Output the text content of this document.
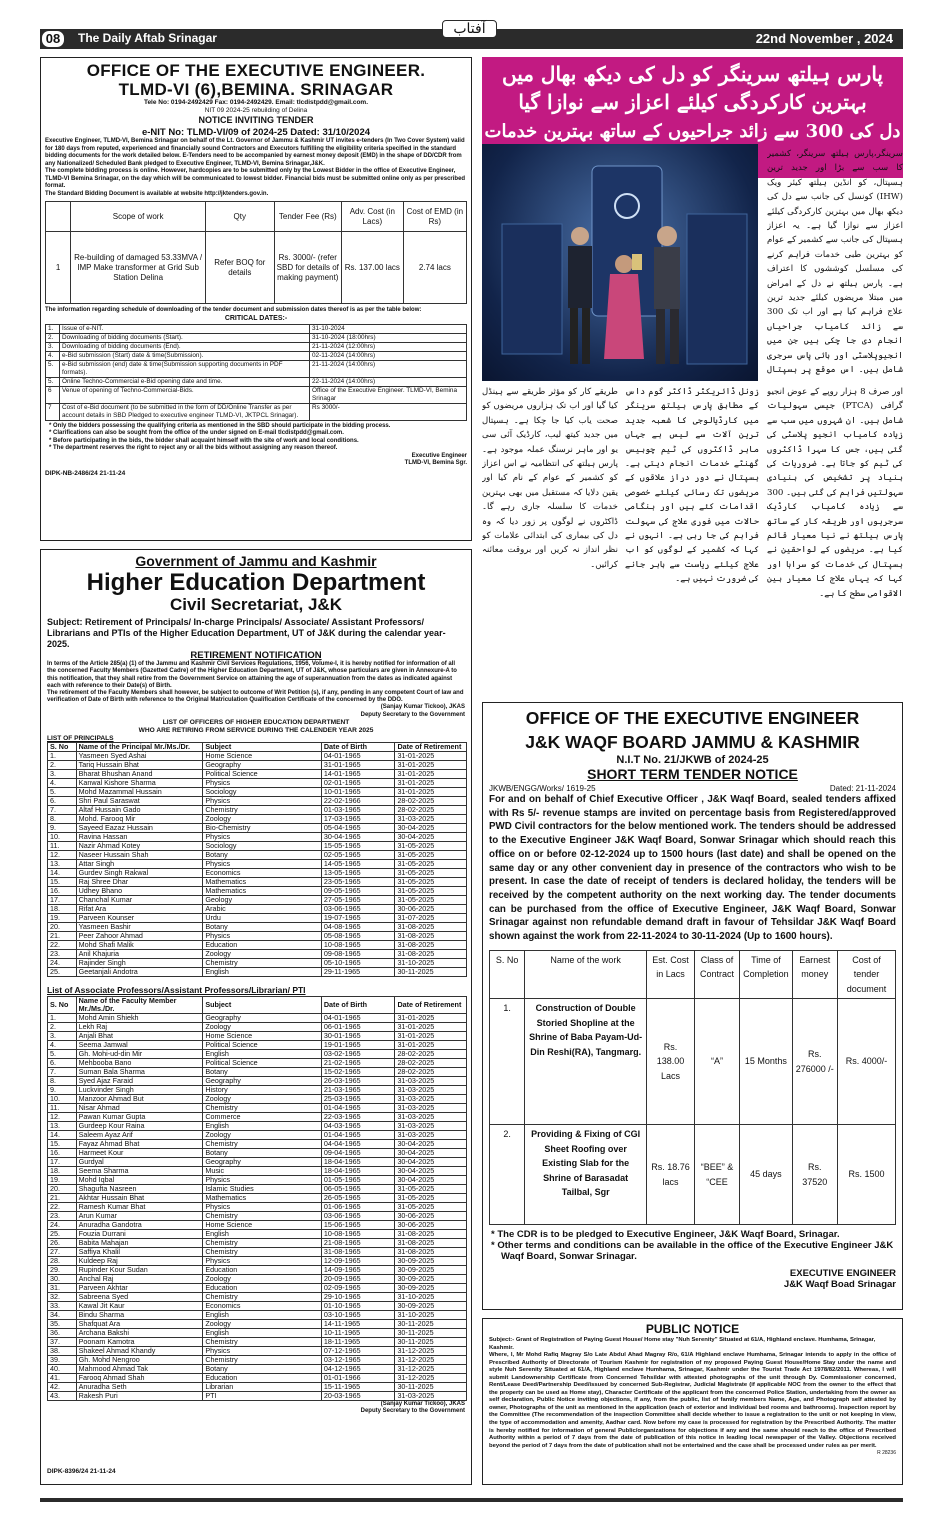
08	The Daily Aftab Srinagar	22nd November , 2024
آفتاب
OFFICE OF THE EXECUTIVE ENGINEER.
TLMD-VI (6),BEMINA. SRINAGAR
Tele No: 0194-2492429 Fax: 0194-2492429. Email: tlcdistpdd@gmail.com.
NIT 09 2024-25 rebuilding of Delina
NOTICE INVITING TENDER
e-NIT No: TLMD-VI/09 of 2024-25 Dated: 31/10/2024
Executive Engineer, TLMD-VI, Bemina Srinagar on behalf of the Lt. Governor of Jammu & Kashmir UT invites e-tenders (In Two Cover System) valid for 180 days from reputed, experienced and financially sound Contractors and Executors fulfilling the eligibility criteria specified in the standard bidding documents for the work detailed below. E-Tenders need to be accompanied by earnest money deposit (EMD) in the shape of DD/CDR from any Nationalized/ Scheduled Bank pledged to Executive Engineer, TLMD-VI, Bemina Srinagar,J&K.
The complete bidding process is online. However, hardcopies are to be submitted only by the Lowest Bidder in the office of Executive Engineer, TLMD-VI Bemina Srinagar, on the day which will be communicated to lowest bidder. Financial bids must be submitted online only as per prescribed format.
The Standard Bidding Document is available at website http://jktenders.gov.in.
	Scope of work	Qty	Tender Fee (Rs)	Adv. Cost (in Lacs)	Cost of EMD (in Rs)
1	Re-building of damaged 53.33MVA / IMP Make transformer at Grid Sub Station Delina	Refer BOQ for details	Rs. 3000/- (refer SBD for details of making payment)	Rs. 137.00 lacs	2.74 lacs
The information regarding schedule of downloading of the tender document and submission dates thereof is as per the table below:
CRITICAL DATES:-
1.	Issue of e-NIT.	31-10-2024
2.	Downloading of bidding documents (Start).	31-10-2024 (18:00hrs)
3.	Downloading of bidding documents (End).	21-11-2024 (12:00hrs)
4.	e-Bid submission (Start) date & time(Submission).	02-11-2024 (14:00hrs)
5.	e-Bid submission (end) date & time(Submission supporting documents in PDF formats).	21-11-2024 (14:00hrs)
5.	Online Techno-Commercial e-Bid opening date and time.	22-11-2024 (14:00hrs)
6	Venue of opening of Techno-Commercial-Bids.	Office of the Executive Engineer. TLMD-VI, Bemina Srinagar
7	Cost of e-Bid document (to be submitted in the form of DD/Online Transfer as per account details in SBD Pledged to executive engineer TLMD-VI, JKTPCL Srinagar).	Rs 3000/-
* Only the bidders possessing the qualifying criteria as mentioned in the SBD should participate in the bidding process.
* Clarifications can also be sought from the office of the under signed on E-mail tlcdistpdd@gmail.com.
* Before participating in the bids, the bidder shall acquaint himself with the site of work and local conditions.
* The department reserves the right to reject any or all the bids without assigning any reason thereof.
Executive Engineer
TLMD-VI, Bemina Sgr.
DIPK-NB-2486/24 21-11-24
Government of Jammu and Kashmir
Higher Education Department
Civil Secretariat, J&K
Subject: Retirement of Principals/ In-charge Principals/ Associate/ Assistant Professors/ Librarians and PTIs of the Higher Education Department, UT of J&K during the calendar year- 2025.
RETIREMENT NOTIFICATION
In terms of the Article 285(a) (1) of the Jammu and Kashmir Civil Services Regulations, 1956, Volume-I, it is hereby notified for information of all the concerned Faculty Members (Gazetted Cadre) of the Higher Education Department, UT of J&K, whose particulars are given in Annexure-A to this notification, that they shall retire from the Government Service on attaining the age of superannuation from the dates as indicated against each with reference to their Date(s) of Birth.
The retirement of the Faculty Members shall however, be subject to outcome of Writ Petition (s), if any, pending in any competent Court of law and verification of Date of Birth with reference to the Original Matriculation Qualification Certificate of the concerned by the DDO.
(Sanjay Kumar Tickoo), JKAS
Deputy Secretary to the Government
LIST OF OFFICERS OF HIGHER EDUCATION DEPARTMENT
WHO ARE RETIRING FROM SERVICE DURING THE CALENDER YEAR 2025
LIST OF PRINCIPALS
S. No	Name of the Principal Mr./Ms./Dr.	Subject	Date of Birth	Date of Retirement
1.	Yasmeen Syed Ashai	Home Science	04-01-1965	31-01-2025
2.	Tariq Hussain Bhat	Geography	31-01-1965	31-01-2025
3.	Bharat Bhushan Anand	Political Science	14-01-1965	31-01-2025
4.	Kanwal Kishore Sharma	Physics	02-01-1965	31-01-2025
5.	Mohd Mazammal Hussain	Sociology	10-01-1965	31-01-2025
6.	Shri Paul Saraswat	Physics	22-02-1966	28-02-2025
7.	Altaf Hussain Gado	Chemistry	01-03-1965	28-02-2025
8.	Mohd. Farooq Mir	Zoology	17-03-1965	31-03-2025
9.	Sayeed Eazaz Hussain	Bio-Chemistry	05-04-1965	30-04-2025
10.	Ravina Hassan	Physics	30-04-1965	30-04-2025
11.	Nazir Ahmad Kotey	Sociology	15-05-1965	31-05-2025
12.	Naseer Hussain Shah	Botany	02-05-1965	31-05-2025
13.	Attar Singh	Physics	14-05-1965	31-05-2025
14.	Gurdev Singh Rakwal	Economics	13-05-1965	31-05-2025
15.	Raj Shree Dhar	Mathematics	23-05-1965	31-05-2025
16.	Udhey Bhano	Mathematics	09-05-1965	31-05-2025
17.	Chanchal Kumar	Geology	27-05-1965	31-05-2025
18.	Rifat Ara	Arabic	03-06-1965	30-06-2025
19.	Parveen Kounser	Urdu	19-07-1965	31-07-2025
20.	Yasmeen Bashir	Botany	04-08-1965	31-08-2025
21.	Peer Zahoor Ahmad	Physics	05-08-1965	31-08-2025
22.	Mohd Shafi Malik	Education	10-08-1965	31-08-2025
23.	Anil Khajuria	Zoology	09-08-1965	31-08-2025
24.	Rajinder Singh	Chemistry	05-10-1965	31-10-2025
25.	Geetanjali Andotra	English	29-11-1965	30-11-2025
List of Associate Professors/Assistant Professors/Librarian/ PTI
S. No	Name of the Faculty Member Mr./Ms./Dr.	Subject	Date of Birth	Date of Retirement
1.	Mohd Amin Shiekh	Geography	04-01-1965	31-01-2025
2.	Lekh Raj	Zoology	06-01-1965	31-01-2025
3.	Anjali Bhat	Home Science	30-01-1965	31-01-2025
4.	Seema Jamwal	Political Science	19-01-1965	31-01-2025
5.	Gh. Mohi-ud-din Mir	English	03-02-1965	28-02-2025
6.	Mehbooba Bano	Political Science	21-02-1965	28-02-2025
7.	Suman Bala Sharma	Botany	15-02-1965	28-02-2025
8.	Syed Ajaz Faraid	Geography	26-03-1965	31-03-2025
9.	Luckvinder Singh	History	21-03-1965	31-03-2025
10.	Manzoor Ahmad But	Zoology	25-03-1965	31-03-2025
11.	Nisar Ahmad	Chemistry	01-04-1965	31-03-2025
12.	Pawan Kumar Gupta	Commerce	22-03-1965	31-03-2025
13.	Gurdeep Kour Raina	English	04-03-1965	31-03-2025
14.	Saleem Ayaz Arif	Zoology	01-04-1965	31-03-2025
15.	Fayaz Ahmad Bhat	Chemistry	04-04-1965	30-04-2025
16.	Harmeet Kour	Botany	09-04-1965	30-04-2025
17.	Gurdyal	Geography	18-04-1965	30-04-2025
18.	Seema Sharma	Music	18-04-1965	30-04-2025
19.	Mohd Iqbal	Physics	01-05-1965	30-04-2025
20.	Shagufta Nasreen	Islamic Studies	06-05-1965	31-05-2025
21.	Akhtar Hussain Bhat	Mathematics	26-05-1965	31-05-2025
22.	Ramesh Kumar Bhat	Physics	01-06-1965	31-05-2025
23.	Arun Kumar	Chemistry	03-06-1965	30-06-2025
24.	Anuradha Gandotra	Home Science	15-06-1965	30-06-2025
25.	Fouzia Durrani	English	10-08-1965	31-08-2025
26.	Babita Mahajan	Chemistry	21-08-1965	31-08-2025
27.	Saffiya Khalil	Chemistry	31-08-1965	31-08-2025
28.	Kuldeep Raj	Physics	12-09-1965	30-09-2025
29.	Rupinder Kour Sudan	Education	14-09-1965	30-09-2025
30.	Anchal Raj	Zoology	20-09-1965	30-09-2025
31.	Parveen Akhtar	Education	02-09-1965	30-09-2025
32.	Sabreena Syed	Chemistry	29-10-1965	31-10-2025
33.	Kawal Jit Kaur	Economics	01-10-1965	30-09-2025
34.	Bindu Sharma	English	03-10-1965	31-10-2025
35.	Shafquat Ara	Zoology	14-11-1965	30-11-2025
36.	Archana Bakshi	English	10-11-1965	30-11-2025
37.	Poonam Kamotra	Chemistry	18-11-1965	30-11-2025
38.	Shakeel Ahmad Khandy	Physics	07-12-1965	31-12-2025
39.	Gh. Mohd Nengroo	Chemistry	03-12-1965	31-12-2025
40.	Mahmood Ahmad Tak	Botany	04-12-1965	31-12-2025
41.	Farooq Ahmad Shah	Education	01-01-1966	31-12-2025
42.	Anuradha Seth	Librarian	15-11-1965	30-11-2025
43.	Rakesh Puri	PTI	20-03-1965	31-03-2025
(Sanjay Kumar Tickoo), JKAS
Deputy Secretary to the Government
DIPK-8396/24 21-11-24
پارس ہیلتھ سرینگر کو دل کی دیکھ بھال میں بہترین کارکردگی کیلئے اعزاز سے نوازا گیا
دل کی 300 سے زائد جراحیوں کے ساتھ بہترین خدمات
سرینگر،پارس ہیلتھ سرینگر، کشمیر کا سب سے بڑا اور جدید ترین ہسپتال، کو انڈین ہیلتھ کیئر ویک (IHW) کونسل کی جانب سے دل کی دیکھ بھال میں بہترین کارکردگی کیلئے اعزاز سے نوازا گیا ہے۔ یہ اعزاز ہسپتال کی جانب سے کشمیر کے عوام کو بہترین طبی خدمات فراہم کرنے کی مسلسل کوششوں کا اعتراف ہے۔ پارس ہیلتھ نے دل کے امراض میں مبتلا مریضوں کیلئے جدید ترین علاج فراہم کیا ہے اور اب تک 300 سے زائد کامیاب جراحیاں انجام دی جا چکی ہیں جن میں انجیوپلاسٹی اور بائی پاس سرجری شامل ہیں۔ اس موقع پر ہسپتال
اور صرف 8 ہزار روپے کے عوض انجیو گرافی (PTCA) جیسی سہولیات شامل ہیں۔ ان شہروں میں سب سے زیادہ کامیاب انجیو پلاسٹی کی گئی ہیں، جس کا سہرا ڈاکٹروں کی ٹیم کو جاتا ہے۔ ضروریات کی بنیاد پر تشخیص کی بنیادی سہولتیں فراہم کی گئی ہیں۔ 300 سے زیادہ کامیاب کارڈیک سرجریوں اور طریقہ کار کے ساتھ پارس ہیلتھ نے نیا معیار قائم کیا ہے۔ مریضوں کے لواحقین نے ہسپتال کی خدمات کو سراہا اور کہا کہ یہاں علاج کا معیار بین الاقوامی سطح کا ہے۔
زونل ڈائریکٹر ڈاکٹر گوم داس کے مطابق پارس ہیلتھ سرینگر میں کارڈیالوجی کا شعبہ جدید ترین آلات سے لیس ہے جہاں ماہر ڈاکٹروں کی ٹیم چوبیس گھنٹے خدمات انجام دیتی ہے۔ ہسپتال نے دور دراز علاقوں کے مریضوں تک رسائی کیلئے خصوصی اقدامات کئے ہیں اور ہنگامی حالات میں فوری علاج کی سہولت فراہم کی جا رہی ہے۔ انہوں نے کہا کہ کشمیر کے لوگوں کو اب علاج کیلئے ریاست سے باہر جانے کی ضرورت نہیں ہے۔
طریقے کار کو مؤثر طریقے سے ہینڈل کیا گیا اور اب تک ہزاروں مریضوں کو صحت یاب کیا جا چکا ہے۔ ہسپتال میں جدید کیتھ لیب، کارڈیک آئی سی یو اور ماہر نرسنگ عملہ موجود ہے۔ پارس ہیلتھ کی انتظامیہ نے اس اعزاز کو کشمیر کے عوام کے نام کیا اور یقین دلایا کہ مستقبل میں بھی بہترین خدمات کا سلسلہ جاری رہے گا۔ ڈاکٹروں نے لوگوں پر زور دیا کہ وہ دل کی بیماری کی ابتدائی علامات کو نظر انداز نہ کریں اور بروقت معائنہ کرائیں۔
OFFICE OF THE EXECUTIVE ENGINEER
J&K WAQF BOARD JAMMU & KASHMIR
N.I.T No. 21/JKWB of 2024-25
SHORT TERM TENDER NOTICE
JKWB/ENGG/Works/ 1619-25	Dated: 21-11-2024

For and on behalf of Chief Executive Officer , J&K Waqf Board, sealed tenders affixed with Rs 5/- revenue stamps are invited on percentage basis from Registered/approved PWD Civil contractors for the below mentioned work. The tenders should be addressed to the Executive Engineer J&K Waqf Board, Sonwar Srinagar which should reach this office on or before 02-12-2024 up to 1500 hours (last date) and shall be opened on the same day or any other convenient day in presence of the contractors who wish to be present. In case the date of receipt of tenders is declared holiday, the tenders will be received by the competent authority on the next working day. The tender documents can be purchased from the office of Executive Engineer, J&K Waqf Board, Sonwar Srinagar against non refundable demand draft in favour of Tehsildar J&K Waqf Board shown against the work from 22-11-2024 to 30-11-2024 (Up to 1600 hours).

S. No	Name of the work	Est. Cost in Lacs	Class of Contract	Time of Completion	Earnest money	Cost of tender document
1.	Construction of Double Storied Shopline at the Shrine of Baba Payam-Ud-Din Reshi(RA), Tangmarg.	Rs. 138.00 Lacs	“A”	15 Months	Rs. 276000 /-	Rs. 4000/-
2.	Providing & Fixing of CGI Sheet Roofing over Existing Slab for the Shrine of Barasadat Tailbal, Sgr	Rs. 18.76 lacs	“BEE” & “CEE	45 days	Rs. 37520	Rs. 1500
* The CDR is to be pledged to Executive Engineer, J&K Waqf Board, Srinagar.
* Other terms and conditions can be available in the office of the Executive Engineer J&K Waqf Board, Sonwar Srinagar.
EXECUTIVE ENGINEER
J&K Waqf Boad Srinagar
PUBLIC NOTICE
Subject:- Grant of Registration of Paying Guest House/ Home stay "Nuh Serenity" Situated at 61/A, Highland enclave. Humhama, Srinagar, Kashmir.
Where, I, Mr Mohd Rafiq Magray S/o Late Abdul Ahad Magray R/o, 61/A Highland enclave Humhama, Srinagar intends to apply in the office of Prescribed Authority of Directorate of Tourism Kashmir for registration of my proposed Paying Guest House/Home Stay under the name and style Nuh Serenity Situated at 61/A, Highland enclave Humhama, Srinagar, Kashmir under the Tourist Trade Act 1978/82/2011. Whereas, I will submit Landownership Certificate from Concerned Tehsildar with attested photographs of the unit through Dy. Commissioner concerned, Rent/Lease Deed/Partnership Deed/issued by concerned Sub-Registrar, Judicial Magistrate (if applicable NOC from the owner to the effect that the property can be used as Home stay), Character Certificate of the applicant from the concerned Police Station, undertaking from the owner as self declaration, Public Notice inviting objections, if any, from the public, list of family members Name, Age, and Photograph self attested by owner, Photographs of the unit as mentioned in the application (each of exterior and individual bed rooms and bathrooms). Inspection report by the Committee (The recommendation of the inspection Committee shall decide whether to issue a registration to the unit or not keeping in view, the type of accommodation and amenity, Aadhar card. Now before my case is processed for registration by the Prescribed Authority. The matter is hereby notified for information of general Public/organizations for objections if any and the same should reach to the office of Prescribed Authority within a period of 7 days from the date of publication of this notice in leading local newspaper of the Valley. Objections received beyond the period of 7 days from the date of publication shall not be entertained and the case shall be processed under rules as per merit.
R 28236
